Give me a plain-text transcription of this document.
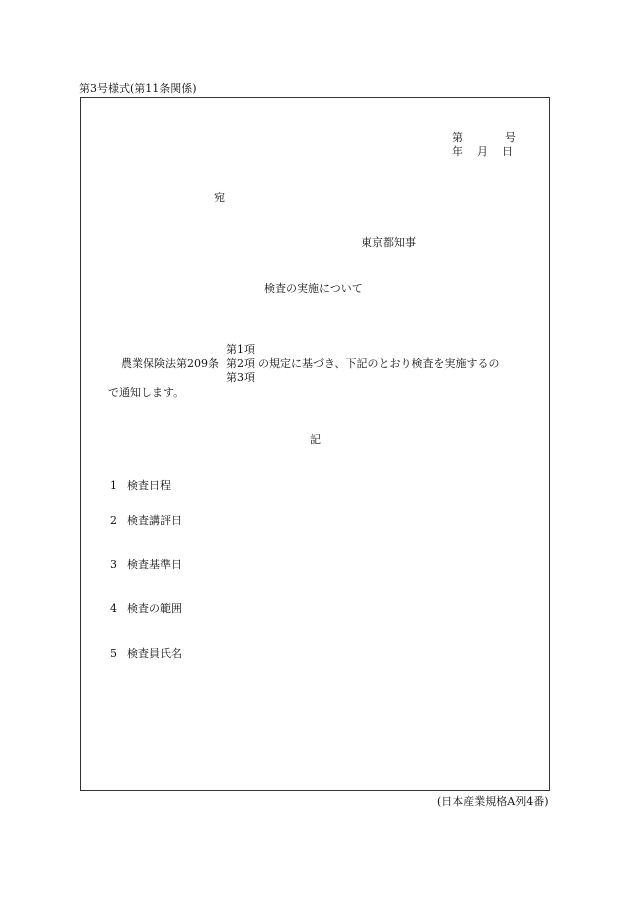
第3号様式(第11条関係)
第	号
年 月 日
宛
東京都知事
検査の実施について
第1項
農業保険法第209条 第2項 の規定に基づき、下記のとおり検査を実施するの
第3項
で通知します。
記
1 検査日程
2 検査講評日
3 検査基準日
4 検査の範囲
5 検査員氏名
(日本産業規格A列4番)
